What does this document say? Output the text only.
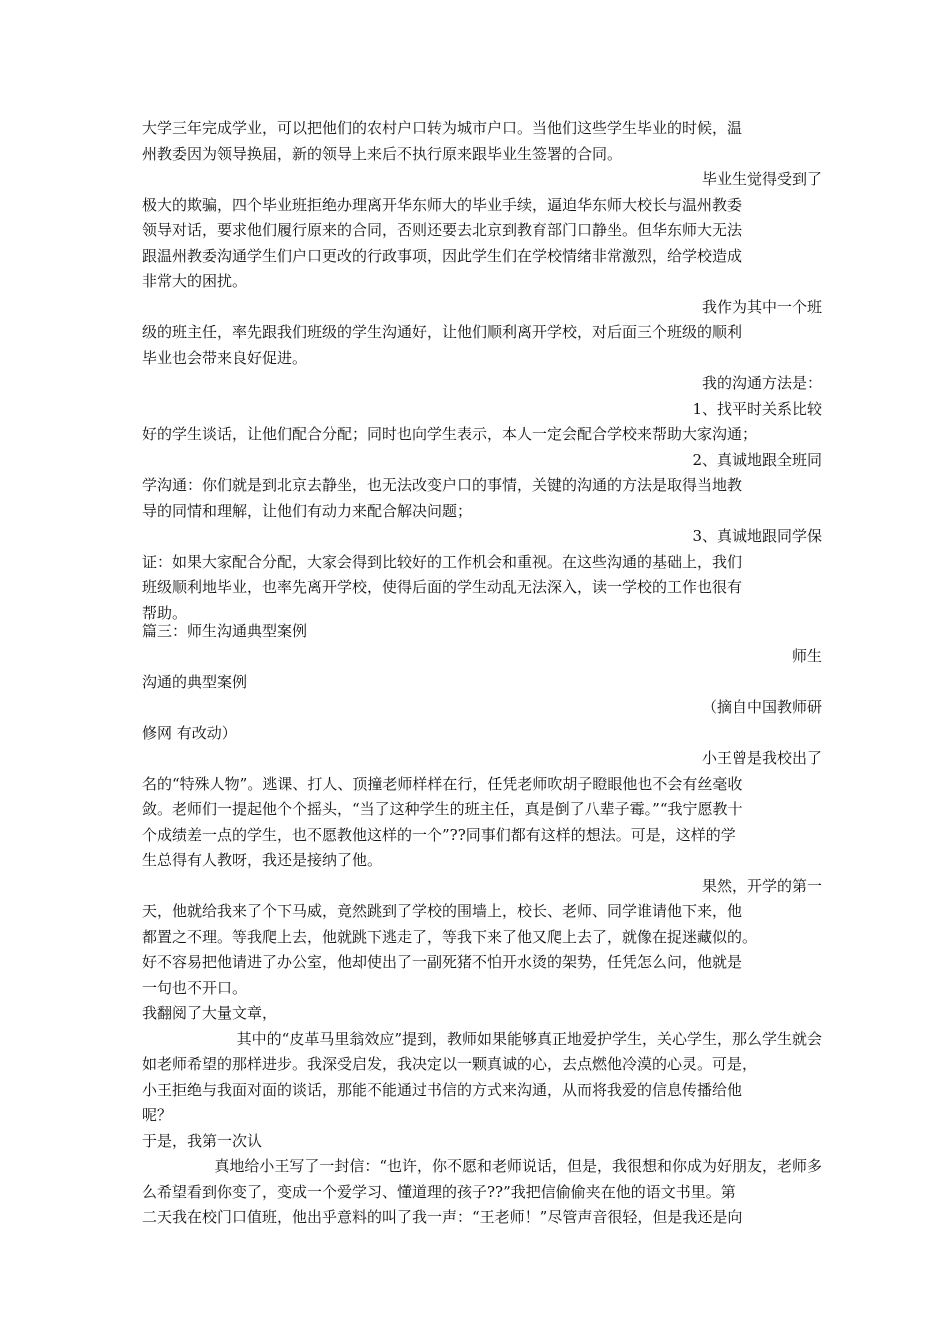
大学三年完成学业，可以把他们的农村户口转为城市户口。当他们这些学生毕业的时候，温
州教委因为领导换届，新的领导上来后不执行原来跟毕业生签署的合同。
毕业生觉得受到了
极大的欺骗，四个毕业班拒绝办理离开华东师大的毕业手续，逼迫华东师大校长与温州教委
领导对话，要求他们履行原来的合同，否则还要去北京到教育部门口静坐。但华东师大无法
跟温州教委沟通学生们户口更改的行政事项，因此学生们在学校情绪非常激烈，给学校造成
非常大的困扰。
我作为其中一个班
级的班主任，率先跟我们班级的学生沟通好，让他们顺利离开学校，对后面三个班级的顺利
毕业也会带来良好促进。
我的沟通方法是：
1、找平时关系比较
好的学生谈话，让他们配合分配；同时也向学生表示，本人一定会配合学校来帮助大家沟通；
2、真诚地跟全班同
学沟通：你们就是到北京去静坐，也无法改变户口的事情，关键的沟通的方法是取得当地教
导的同情和理解，让他们有动力来配合解决问题；
3、真诚地跟同学保
证：如果大家配合分配，大家会得到比较好的工作机会和重视。在这些沟通的基础上，我们
班级顺利地毕业，也率先离开学校，使得后面的学生动乱无法深入，读一学校的工作也很有
帮助。
篇三：师生沟通典型案例
师生
沟通的典型案例
（摘自中国教师研
修网 有改动）
小王曾是我校出了
名的“特殊人物”。逃课、打人、顶撞老师样样在行，任凭老师吹胡子瞪眼他也不会有丝毫收
敛。老师们一提起他个个摇头，“当了这种学生的班主任，真是倒了八辈子霉。”“我宁愿教十
个成绩差一点的学生，也不愿教他这样的一个”??同事们都有这样的想法。可是，这样的学
生总得有人教呀，我还是接纳了他。
果然，开学的第一
天，他就给我来了个下马威，竟然跳到了学校的围墙上，校长、老师、同学谁请他下来，他
都置之不理。等我爬上去，他就跳下逃走了，等我下来了他又爬上去了，就像在捉迷藏似的。
好不容易把他请进了办公室，他却使出了一副死猪不怕开水烫的架势，任凭怎么问，他就是
一句也不开口。
我翻阅了大量文章，
其中的“皮革马里翁效应”提到，教师如果能够真正地爱护学生，关心学生，那么学生就会
如老师希望的那样进步。我深受启发，我决定以一颗真诚的心，去点燃他冷漠的心灵。可是，
小王拒绝与我面对面的谈话，那能不能通过书信的方式来沟通，从而将我爱的信息传播给他
呢？
于是，我第一次认
真地给小王写了一封信：“也许，你不愿和老师说话，但是，我很想和你成为好朋友，老师多
么希望看到你变了，变成一个爱学习、懂道理的孩子??”我把信偷偷夹在他的语文书里。第
二天我在校门口值班，他出乎意料的叫了我一声：“王老师！”尽管声音很轻，但是我还是向
